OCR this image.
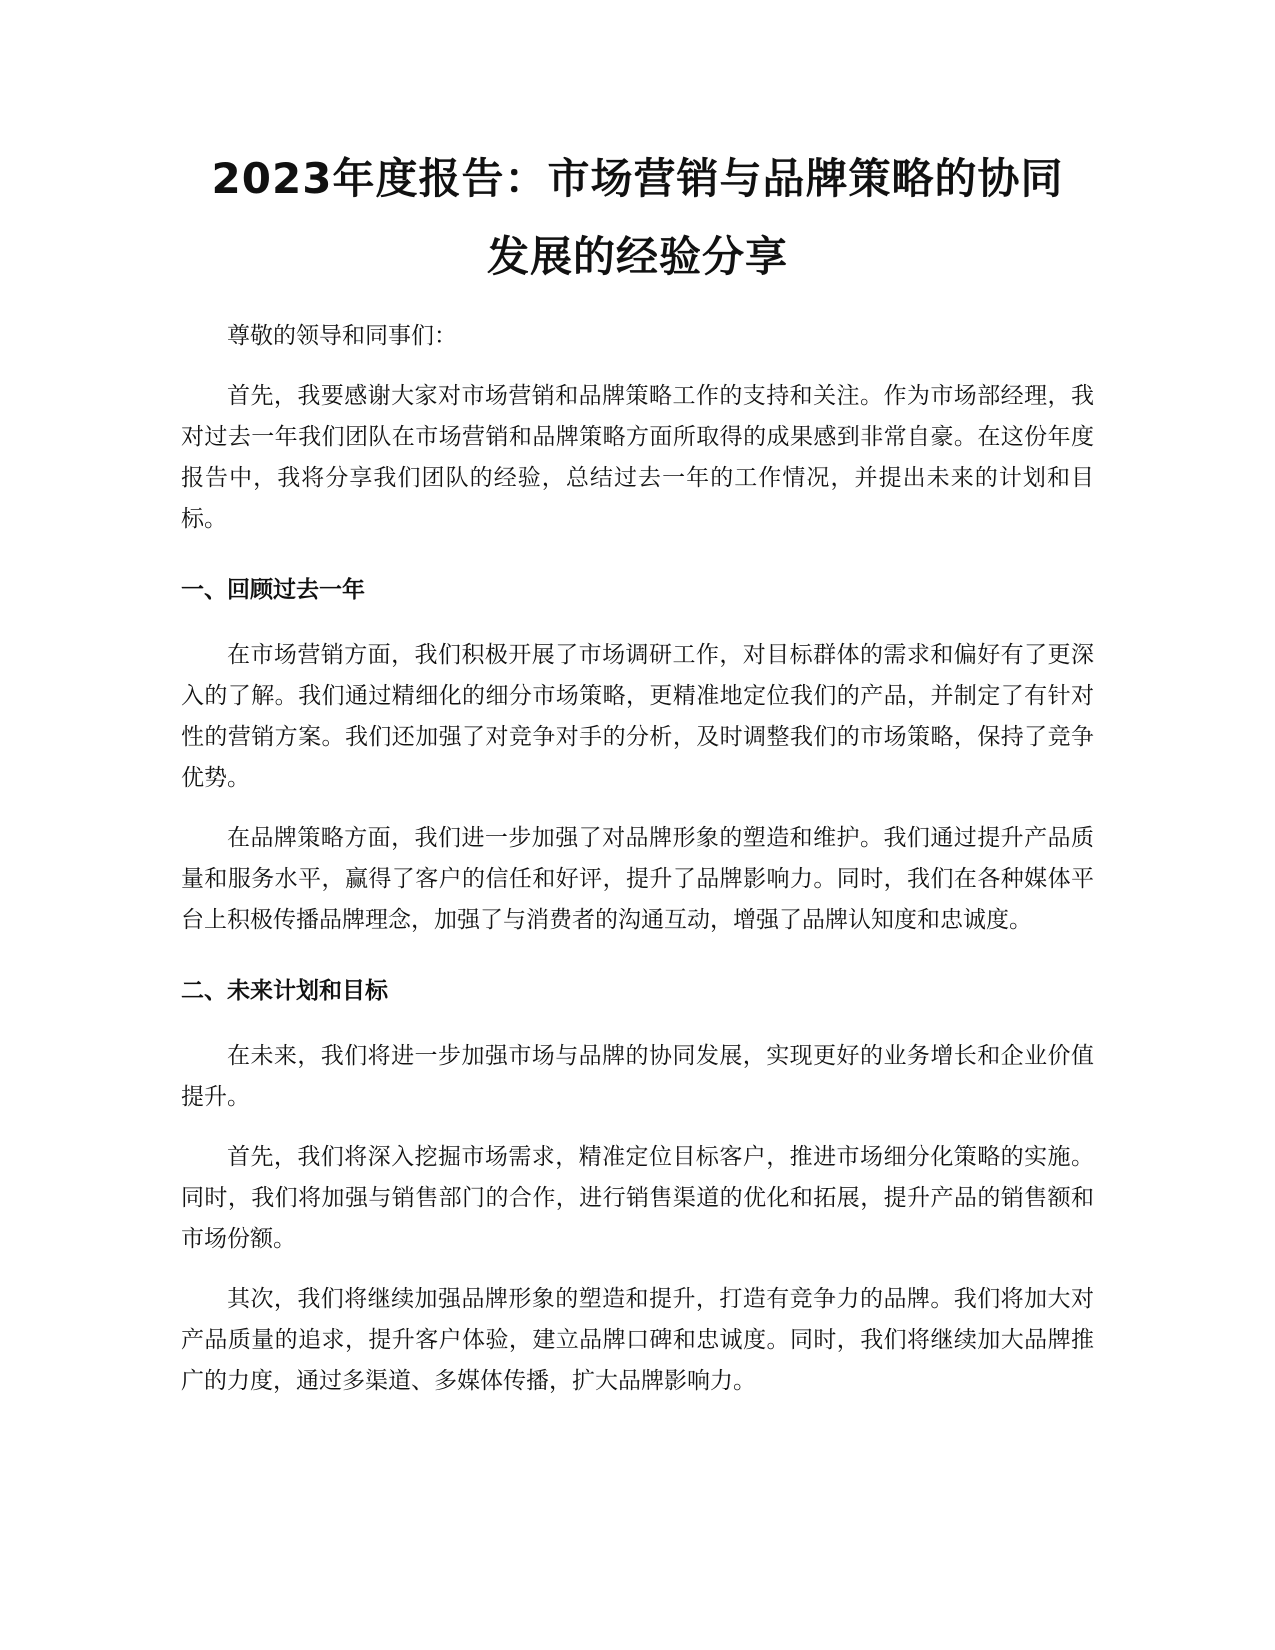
2023年度报告：市场营销与品牌策略的协同
发展的经验分享

尊敬的领导和同事们：

首先，我要感谢大家对市场营销和品牌策略工作的支持和关注。作为市场部经理，我对过去一年我们团队在市场营销和品牌策略方面所取得的成果感到非常自豪。在这份年度报告中，我将分享我们团队的经验，总结过去一年的工作情况，并提出未来的计划和目标。

一、回顾过去一年

在市场营销方面，我们积极开展了市场调研工作，对目标群体的需求和偏好有了更深入的了解。我们通过精细化的细分市场策略，更精准地定位我们的产品，并制定了有针对性的营销方案。我们还加强了对竞争对手的分析，及时调整我们的市场策略，保持了竞争优势。

在品牌策略方面，我们进一步加强了对品牌形象的塑造和维护。我们通过提升产品质量和服务水平，赢得了客户的信任和好评，提升了品牌影响力。同时，我们在各种媒体平台上积极传播品牌理念，加强了与消费者的沟通互动，增强了品牌认知度和忠诚度。

二、未来计划和目标

在未来，我们将进一步加强市场与品牌的协同发展，实现更好的业务增长和企业价值提升。

首先，我们将深入挖掘市场需求，精准定位目标客户，推进市场细分化策略的实施。同时，我们将加强与销售部门的合作，进行销售渠道的优化和拓展，提升产品的销售额和市场份额。

其次，我们将继续加强品牌形象的塑造和提升，打造有竞争力的品牌。我们将加大对产品质量的追求，提升客户体验，建立品牌口碑和忠诚度。同时，我们将继续加大品牌推广的力度，通过多渠道、多媒体传播，扩大品牌影响力。
